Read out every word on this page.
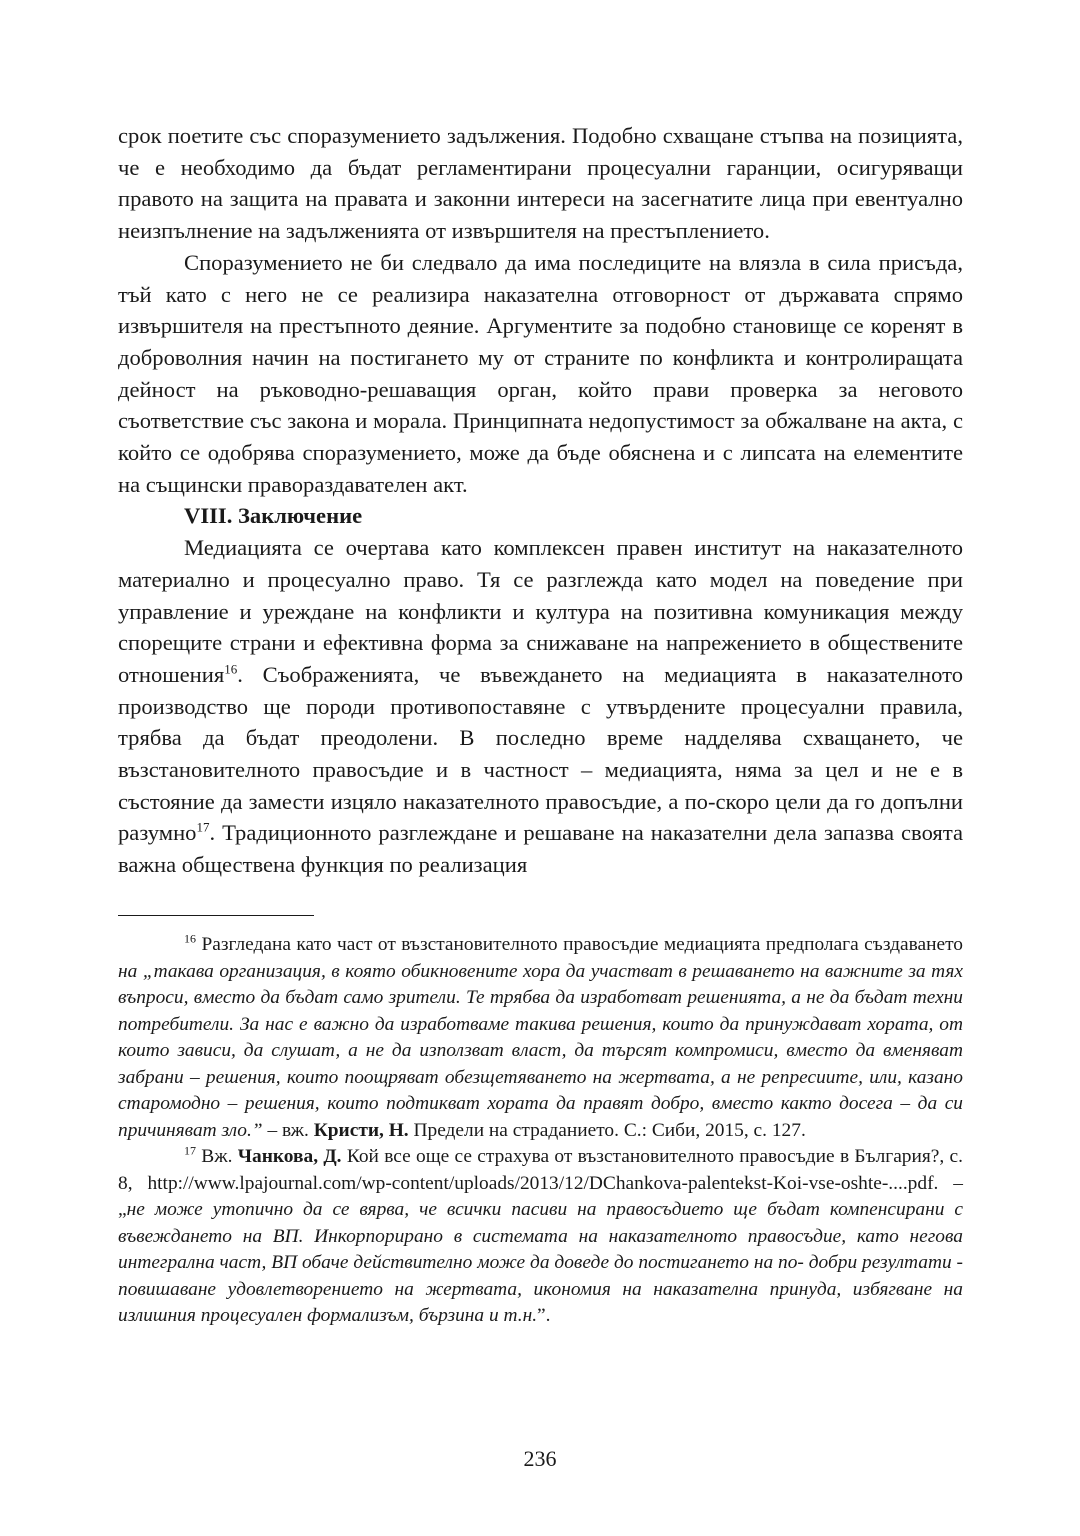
срок поетите със споразумението задължения. Подобно схващане стъпва на позицията, че е необходимо да бъдат регламентирани процесуални гаранции, осигуряващи правото на защита на правата и законни интереси на засегнатите лица при евентуално неизпълнение на задълженията от извършителя на престъплението.

Споразумението не би следвало да има последиците на влязла в сила присъда, тъй като с него не се реализира наказателна отговорност от държавата спрямо извършителя на престъпното деяние. Аргументите за подобно становище се коренят в доброволния начин на постигането му от страните по конфликта и контролиращата дейност на ръководно-решаващия орган, който прави проверка за неговото съответствие със закона и морала. Принципната недопустимост за обжалване на акта, с който се одобрява споразумението, може да бъде обяснена и с липсата на елементите на същински правораздавателен акт.

VIII. Заключение

Медиацията се очертава като комплексен правен институт на наказателното материално и процесуално право. Тя се разглежда като модел на поведение при управление и уреждане на конфликти и култура на позитивна комуникация между спорещите страни и ефективна форма за снижаване на напрежението в обществените отношения$^{16}$. Съображенията, че въвеждането на медиацията в наказателното производство ще породи противопоставяне с утвърдените процесуални правила, трябва да бъдат преодолени. В последно време надделява схващането, че възстановителното правосъдие и в частност – медиацията, няма за цел и не е в състояние да замести изцяло наказателното правосъдие, а по-скоро цели да го допълни разумно$^{17}$. Традиционното разглеждане и решаване на наказателни дела запазва своята важна обществена функция по реализация

$^{16}$ Разгледана като част от възстановителното правосъдие медиацията предполага създаването на „такава организация, в която обикновените хора да участват в решаването на важните за тях въпроси, вместо да бъдат само зрители. Те трябва да изработват решенията, а не да бъдат техни потребители. За нас е важно да изработваме такива решения, които да принуждават хората, от които зависи, да слушат, а не да използват власт, да търсят компромиси, вместо да вменяват забрани – решения, които поощряват обезщетяването на жертвата, а не репресиите, или, казано старомодно – решения, които подтикват хората да правят добро, вместо както досега – да си причиняват зло.” – вж. Кристи, Н. Предели на страданието. С.: Сиби, 2015, с. 127.

$^{17}$ Вж. Чанкова, Д. Кой все още се страхува от възстановителното правосъдие в България?, с. 8, http://www.lpajournal.com/wp-content/uploads/2013/12/DChankova-palentekst-Koi-vse-oshte-....pdf. – „не може утопично да се вярва, че всички пасиви на правосъдието ще бъдат компенсирани с въвеждането на ВП. Инкорпорирано в системата на наказателното правосъдие, като негова интегрална част, ВП обаче действително може да доведе до постигането на по- добри резултати - повишаване удовлетворението на жертвата, икономия на наказателна принуда, избягване на излишния процесуален формализъм, бързина и т.н.”.

236
